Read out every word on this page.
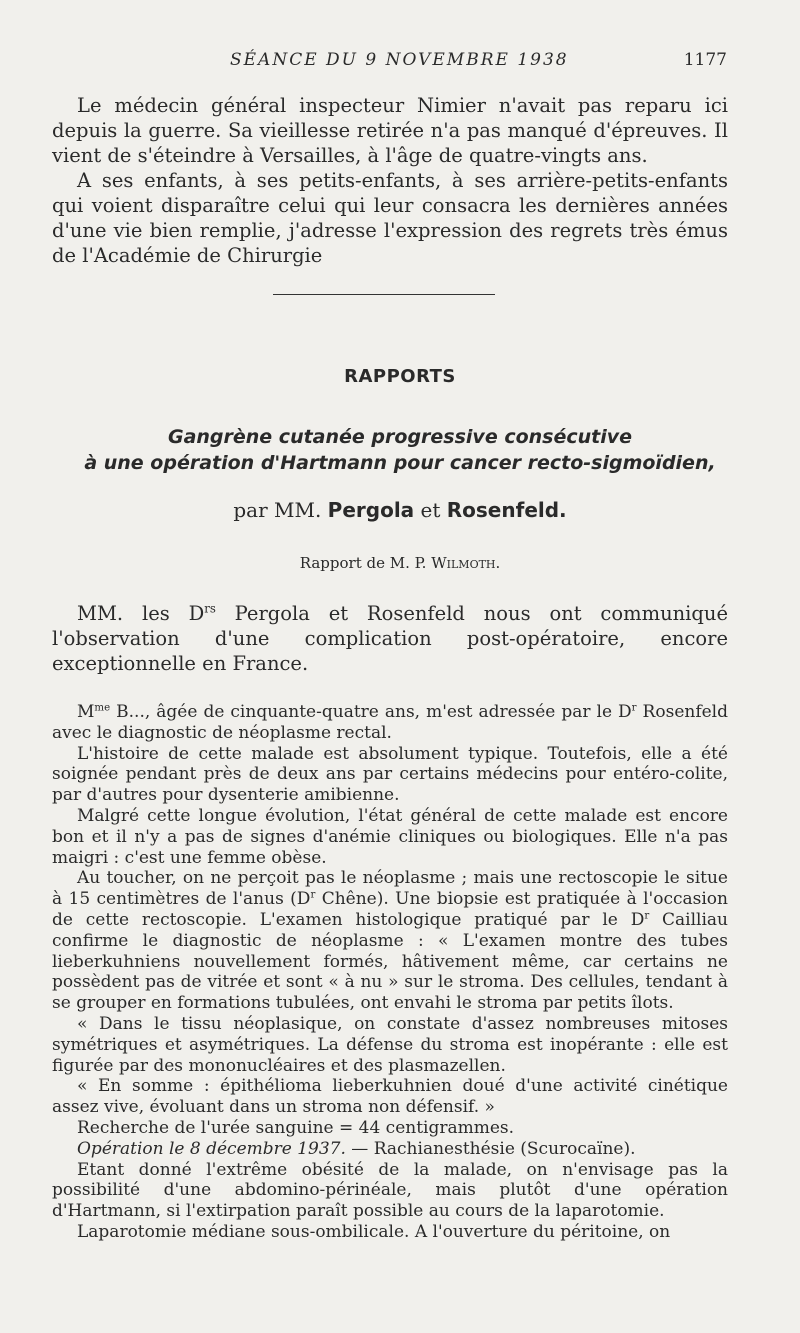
SÉANCE DU 9 NOVEMBRE 1938	1177

Le médecin général inspecteur Nimier n'avait pas reparu ici depuis la guerre. Sa vieillesse retirée n'a pas manqué d'épreuves. Il vient de s'éteindre à Versailles, à l'âge de quatre-vingts ans.

A ses enfants, à ses petits-enfants, à ses arrière-petits-enfants qui voient disparaître celui qui leur consacra les dernières années d'une vie bien remplie, j'adresse l'expression des regrets très émus de l'Académie de Chirurgie

RAPPORTS
Gangrène cutanée progressive consécutive
à une opération d'Hartmann pour cancer recto-sigmoïdien,
par MM. Pergola et Rosenfeld.
Rapport de M. P. Wilmoth.

MM. les $D^{rs}$ Pergola et Rosenfeld nous ont communiqué l'observation d'une complication post-opératoire, encore exceptionnelle en France.

$M^{me}$ B..., âgée de cinquante-quatre ans, m'est adressée par le $D^r$ Rosenfeld avec le diagnostic de néoplasme rectal.

L'histoire de cette malade est absolument typique. Toutefois, elle a été soignée pendant près de deux ans par certains médecins pour entéro-colite, par d'autres pour dysenterie amibienne.

Malgré cette longue évolution, l'état général de cette malade est encore bon et il n'y a pas de signes d'anémie cliniques ou biologiques. Elle n'a pas maigri : c'est une femme obèse.

Au toucher, on ne perçoit pas le néoplasme ; mais une rectoscopie le situe à 15 centimètres de l'anus ($D^r$ Chêne). Une biopsie est pratiquée à l'occasion de cette rectoscopie. L'examen histologique pratiqué par le $D^r$ Cailliau confirme le diagnostic de néoplasme : « L'examen montre des tubes lieberkuhniens nouvellement formés, hâtivement même, car certains ne possèdent pas de vitrée et sont « à nu » sur le stroma. Des cellules, tendant à se grouper en formations tubulées, ont envahi le stroma par petits îlots.

« Dans le tissu néoplasique, on constate d'assez nombreuses mitoses symétriques et asymétriques. La défense du stroma est inopérante : elle est figurée par des mononucléaires et des plasmazellen.

« En somme : épithélioma lieberkuhnien doué d'une activité cinétique assez vive, évoluant dans un stroma non défensif. »

Recherche de l'urée sanguine = 44 centigrammes.

Opération le 8 décembre 1937. — Rachianesthésie (Scurocaïne).

Etant donné l'extrême obésité de la malade, on n'envisage pas la possibilité d'une abdomino-périnéale, mais plutôt d'une opération d'Hartmann, si l'extirpation paraît possible au cours de la laparotomie.

Laparotomie médiane sous-ombilicale. A l'ouverture du péritoine, on
